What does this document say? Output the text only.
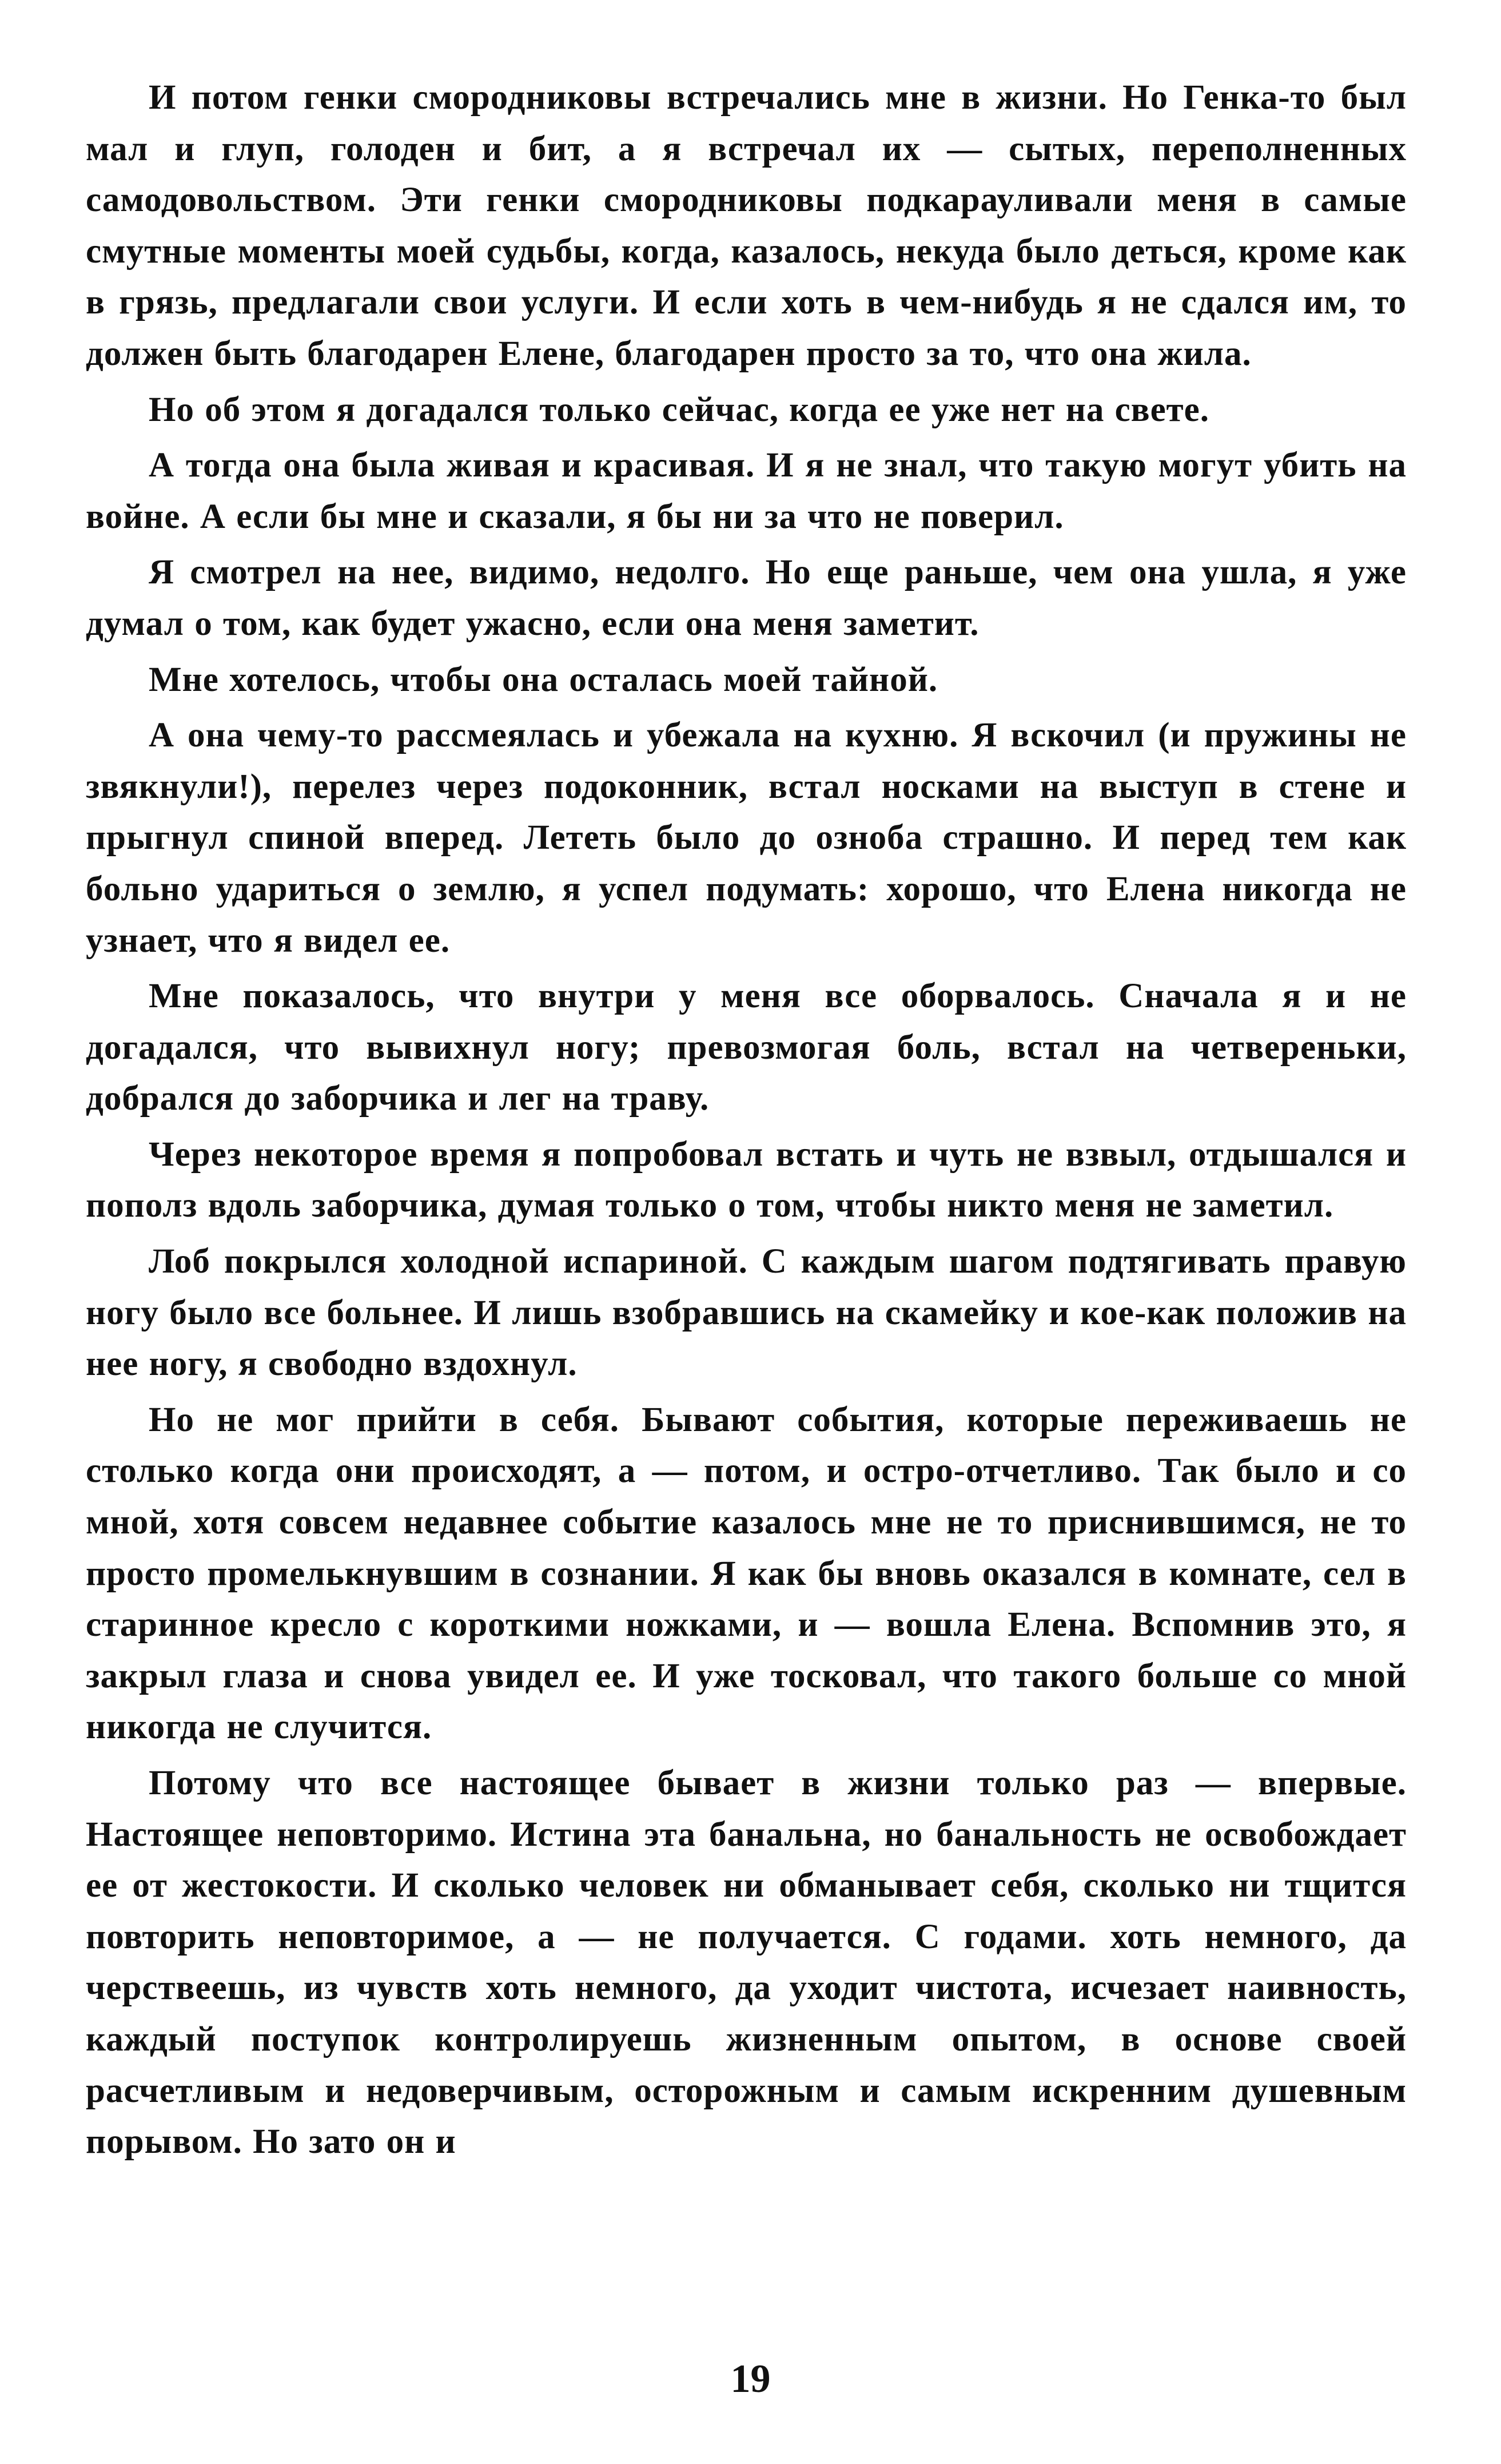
И потом генки смородниковы встречались мне в жизни. Но Генка-то был мал и глуп, голоден и бит, а я встречал их — сытых, переполненных самодовольством. Эти генки смородниковы подкарауливали меня в самые смутные моменты моей судьбы, когда, казалось, некуда было деться, кроме как в грязь, предлагали свои услуги. И если хоть в чем-нибудь я не сдался им, то должен быть благодарен Елене, благодарен просто за то, что она жила.

Но об этом я догадался только сейчас, когда ее уже нет на свете.

А тогда она была живая и красивая. И я не знал, что такую могут убить на войне. А если бы мне и сказали, я бы ни за что не поверил.

Я смотрел на нее, видимо, недолго. Но еще раньше, чем она ушла, я уже думал о том, как будет ужасно, если она меня заметит.

Мне хотелось, чтобы она осталась моей тайной.

А она чему-то рассмеялась и убежала на кухню. Я вскочил (и пружины не звякнули!), перелез через подоконник, встал носками на выступ в стене и прыгнул спиной вперед. Лететь было до озноба страшно. И перед тем как больно удариться о землю, я успел подумать: хорошо, что Елена никогда не узнает, что я видел ее.

Мне показалось, что внутри у меня все оборвалось. Сначала я и не догадался, что вывихнул ногу; превозмогая боль, встал на четвереньки, добрался до заборчика и лег на траву.

Через некоторое время я попробовал встать и чуть не взвыл, отдышался и пополз вдоль заборчика, думая только о том, чтобы никто меня не заметил.

Лоб покрылся холодной испариной. С каждым шагом подтягивать правую ногу было все больнее. И лишь взобравшись на скамейку и кое-как положив на нее ногу, я свободно вздохнул.

Но не мог прийти в себя. Бывают события, которые переживаешь не столько когда они происходят, а — потом, и остро-отчетливо. Так было и со мной, хотя совсем недавнее событие казалось мне не то приснившимся, не то просто промелькнувшим в сознании. Я как бы вновь оказался в комнате, сел в старинное кресло с короткими ножками, и — вошла Елена. Вспомнив это, я закрыл глаза и снова увидел ее. И уже тосковал, что такого больше со мной никогда не случится.

Потому что все настоящее бывает в жизни только раз — впервые. Настоящее неповторимо. Истина эта банальна, но банальность не освобождает ее от жестокости. И сколько человек ни обманывает себя, сколько ни тщится повторить неповторимое, а — не получается. С годами. хоть немного, да черствеешь, из чувств хоть немного, да уходит чистота, исчезает наивность, каждый поступок контролируешь жизненным опытом, в основе своей расчетливым и недоверчивым, осторожным и самым искренним душевным порывом. Но зато он и

19
